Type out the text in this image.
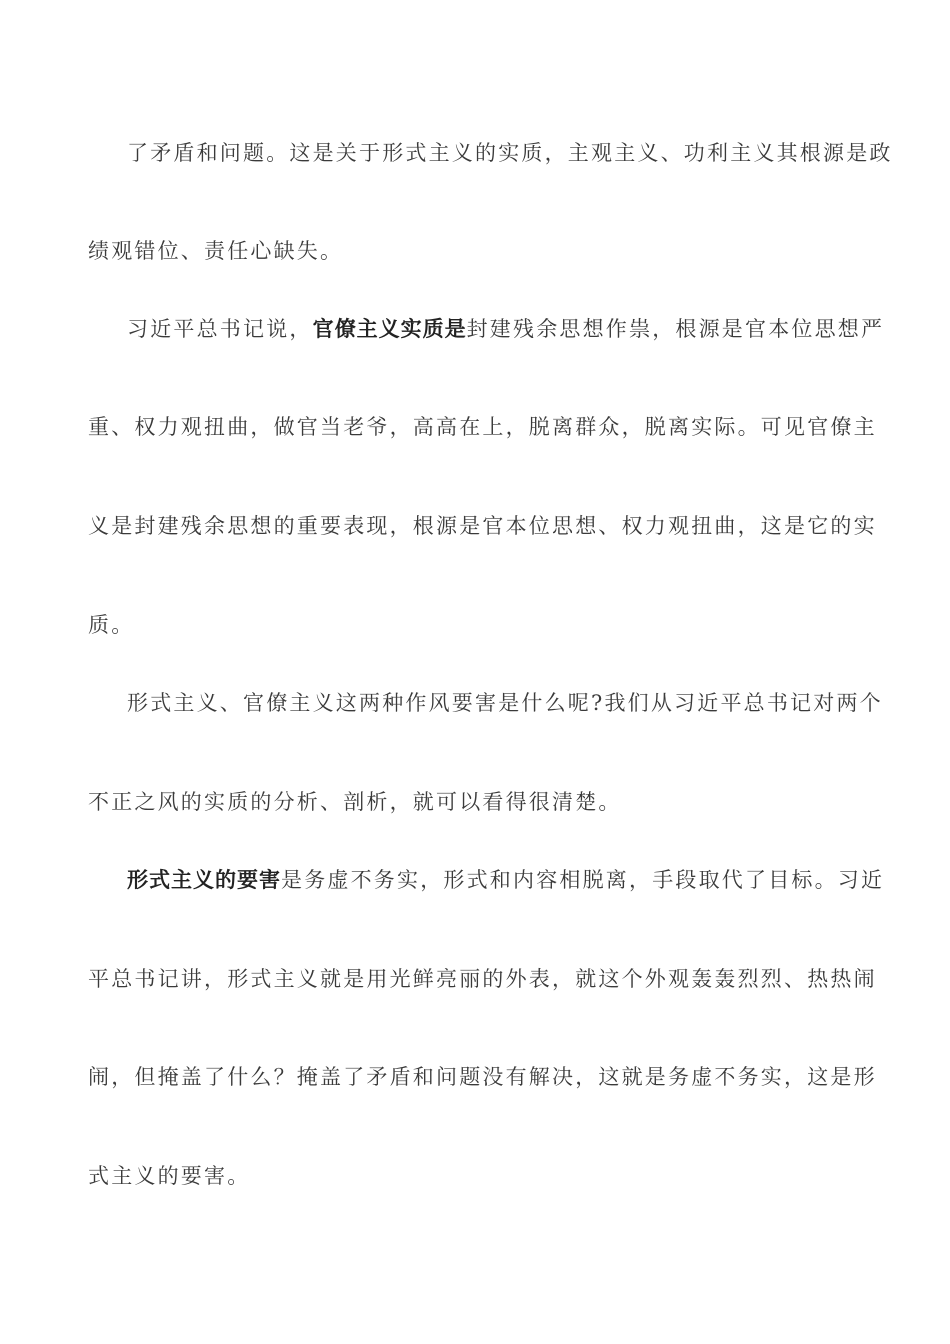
了矛盾和问题。这是关于形式主义的实质，主观主义、功利主义其根源是政
绩观错位、责任心缺失。
习近平总书记说，官僚主义实质是封建残余思想作祟，根源是官本位思想严
重、权力观扭曲，做官当老爷，高高在上，脱离群众，脱离实际。可见官僚主
义是封建残余思想的重要表现，根源是官本位思想、权力观扭曲，这是它的实
质。
形式主义、官僚主义这两种作风要害是什么呢?我们从习近平总书记对两个
不正之风的实质的分析、剖析，就可以看得很清楚。
形式主义的要害是务虚不务实，形式和内容相脱离，手段取代了目标。习近
平总书记讲，形式主义就是用光鲜亮丽的外表，就这个外观轰轰烈烈、热热闹
闹，但掩盖了什么？掩盖了矛盾和问题没有解决，这就是务虚不务实，这是形
式主义的要害。
